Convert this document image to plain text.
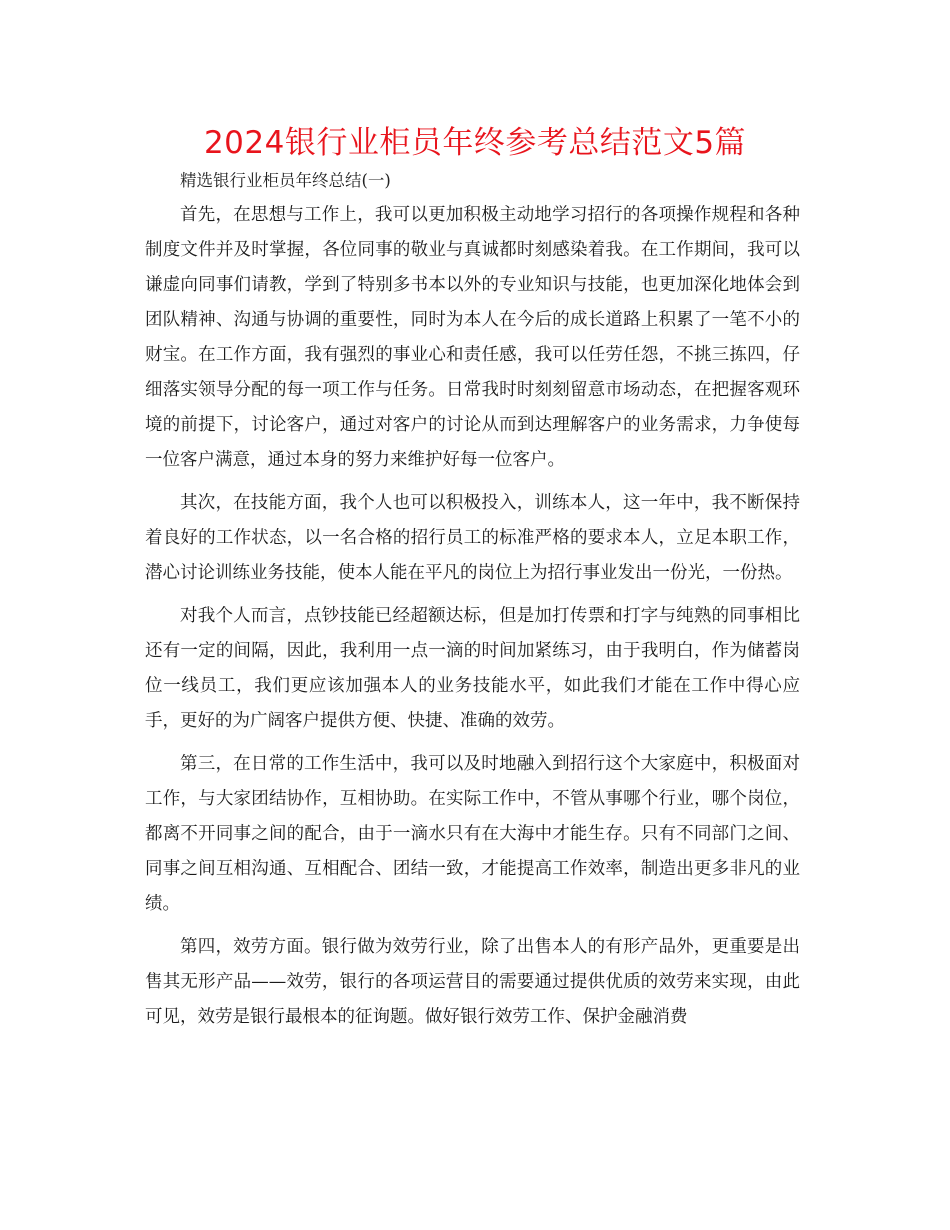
2024银行业柜员年终参考总结范文5篇
精选银行业柜员年终总结(一)

首先，在思想与工作上，我可以更加积极主动地学习招行的各项操作规程和各种制度文件并及时掌握，各位同事的敬业与真诚都时刻感染着我。在工作期间，我可以谦虚向同事们请教，学到了特别多书本以外的专业知识与技能，也更加深化地体会到团队精神、沟通与协调的重要性，同时为本人在今后的成长道路上积累了一笔不小的财宝。在工作方面，我有强烈的事业心和责任感，我可以任劳任怨，不挑三拣四，仔细落实领导分配的每一项工作与任务。日常我时时刻刻留意市场动态，在把握客观环境的前提下，讨论客户，通过对客户的讨论从而到达理解客户的业务需求，力争使每一位客户满意，通过本身的努力来维护好每一位客户。

其次，在技能方面，我个人也可以积极投入，训练本人，这一年中，我不断保持着良好的工作状态，以一名合格的招行员工的标准严格的要求本人，立足本职工作，潜心讨论训练业务技能，使本人能在平凡的岗位上为招行事业发出一份光，一份热。

对我个人而言，点钞技能已经超额达标，但是加打传票和打字与纯熟的同事相比还有一定的间隔，因此，我利用一点一滴的时间加紧练习，由于我明白，作为储蓄岗位一线员工，我们更应该加强本人的业务技能水平，如此我们才能在工作中得心应手，更好的为广阔客户提供方便、快捷、准确的效劳。

第三，在日常的工作生活中，我可以及时地融入到招行这个大家庭中，积极面对工作，与大家团结协作，互相协助。在实际工作中，不管从事哪个行业，哪个岗位，都离不开同事之间的配合，由于一滴水只有在大海中才能生存。只有不同部门之间、同事之间互相沟通、互相配合、团结一致，才能提高工作效率，制造出更多非凡的业绩。

第四，效劳方面。银行做为效劳行业，除了出售本人的有形产品外，更重要是出售其无形产品——效劳，银行的各项运营目的需要通过提供优质的效劳来实现，由此可见，效劳是银行最根本的征询题。做好银行效劳工作、保护金融消费
